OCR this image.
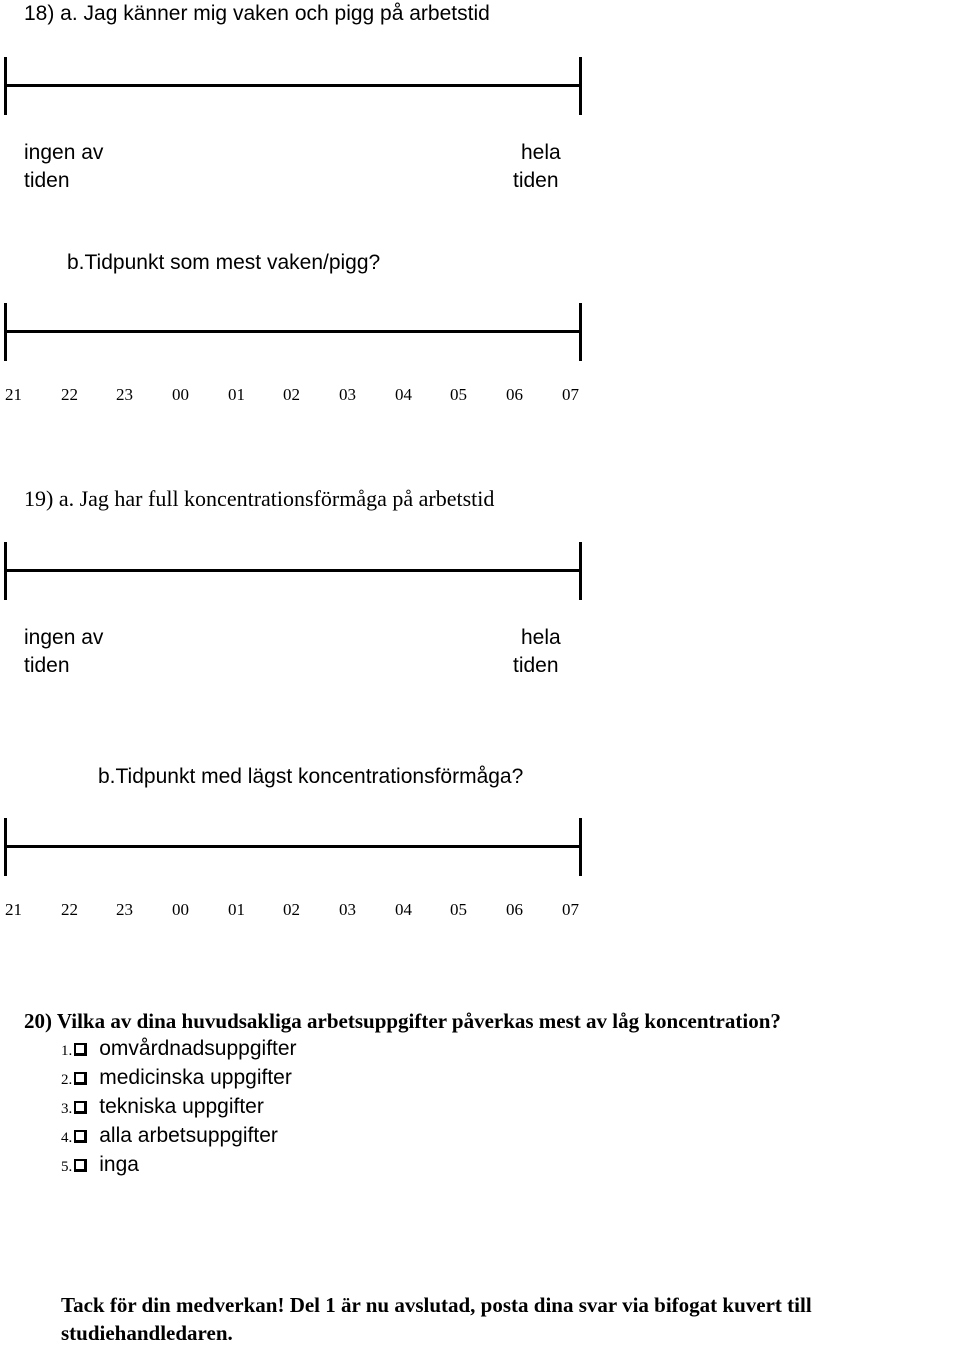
18) a. Jag känner mig vaken och pigg på arbetstid
ingen av
tiden
hela
tiden
b.Tidpunkt som mest vaken/pigg?
21 22 23 00 01 02 03 04 05 06 07
19) a. Jag har full koncentrationsförmåga på arbetstid
ingen av
tiden
hela
tiden
b.Tidpunkt med lägst koncentrationsförmåga?
21 22 23 00 01 02 03 04 05 06 07
20) Vilka av dina huvudsakliga arbetsuppgifter påverkas mest av låg koncentration?
1. omvårdnadsuppgifter
2. medicinska uppgifter
3. tekniska uppgifter
4. alla arbetsuppgifter
5. inga
Tack för din medverkan! Del 1 är nu avslutad, posta dina svar via bifogat kuvert till
studiehandledaren.
